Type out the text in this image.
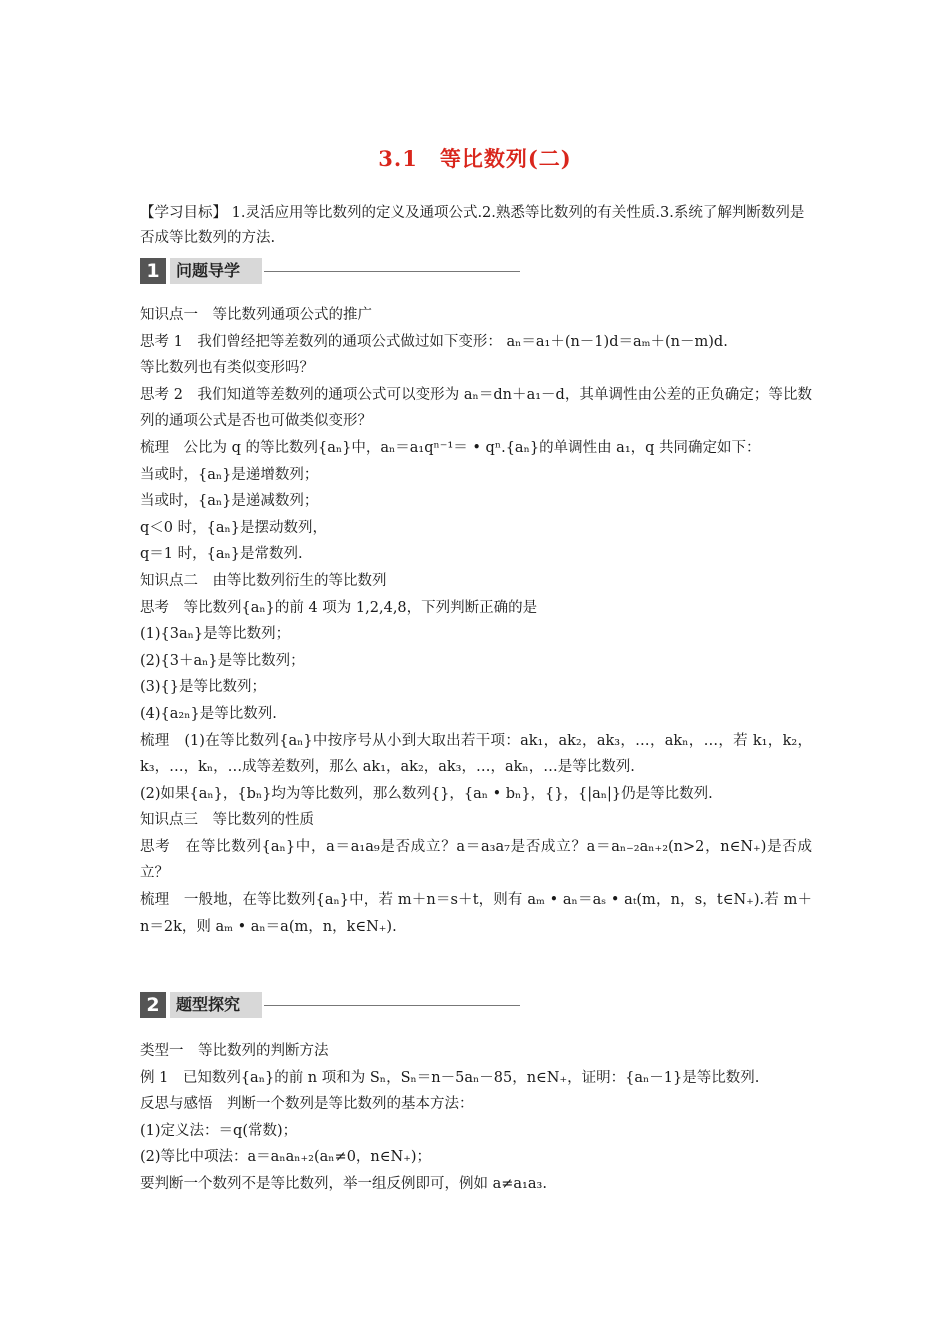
3.1　等比数列(二)
【学习目标】 1.灵活应用等比数列的定义及通项公式.2.熟悉等比数列的有关性质.3.系统了解判断数列是否成等比数列的方法.
1	问题导学

知识点一　等比数列通项公式的推广

思考 1　我们曾经把等差数列的通项公式做过如下变形： aₙ＝a₁＋(n－1)d＝aₘ＋(n－m)d.

等比数列也有类似变形吗？

思考 2　我们知道等差数列的通项公式可以变形为 aₙ＝dn＋a₁－d，其单调性由公差的正负确定；等比数列的通项公式是否也可做类似变形？

梳理　公比为 q 的等比数列{aₙ}中，aₙ＝a₁qⁿ⁻¹＝ • qⁿ.{aₙ}的单调性由 a₁，q 共同确定如下：

当或时，{aₙ}是递增数列；

当或时，{aₙ}是递减数列；

q＜0 时，{aₙ}是摆动数列，

q＝1 时，{aₙ}是常数列.

知识点二　由等比数列衍生的等比数列

思考　等比数列{aₙ}的前 4 项为 1,2,4,8，下列判断正确的是

(1){3aₙ}是等比数列；

(2){3＋aₙ}是等比数列；

(3){}是等比数列；

(4){a₂ₙ}是等比数列.

梳理　(1)在等比数列{aₙ}中按序号从小到大取出若干项：ak₁，ak₂，ak₃，…，akₙ，…，若 k₁，k₂，k₃，…，kₙ，…成等差数列，那么 ak₁，ak₂，ak₃，…，akₙ，…是等比数列.

(2)如果{aₙ}，{bₙ}均为等比数列，那么数列{}，{aₙ • bₙ}，{}，{|aₙ|}仍是等比数列.

知识点三　等比数列的性质

思考　在等比数列{aₙ}中，a＝a₁a₉是否成立？a＝a₃a₇是否成立？a＝aₙ₋₂aₙ₊₂(n>2，n∈N₊)是否成立？

梳理　一般地，在等比数列{aₙ}中，若 m＋n＝s＋t，则有 aₘ • aₙ＝aₛ • aₜ(m，n，s，t∈N₊).若 m＋n＝2k，则 aₘ • aₙ＝a(m，n，k∈N₊).

2	题型探究

类型一　等比数列的判断方法

例 1　已知数列{aₙ}的前 n 项和为 Sₙ，Sₙ＝n－5aₙ－85，n∈N₊，证明：{aₙ－1}是等比数列.

反思与感悟　判断一个数列是等比数列的基本方法：

(1)定义法：＝q(常数)；

(2)等比中项法：a＝aₙaₙ₊₂(aₙ≠0，n∈N₊)；

要判断一个数列不是等比数列，举一组反例即可，例如 a≠a₁a₃.
